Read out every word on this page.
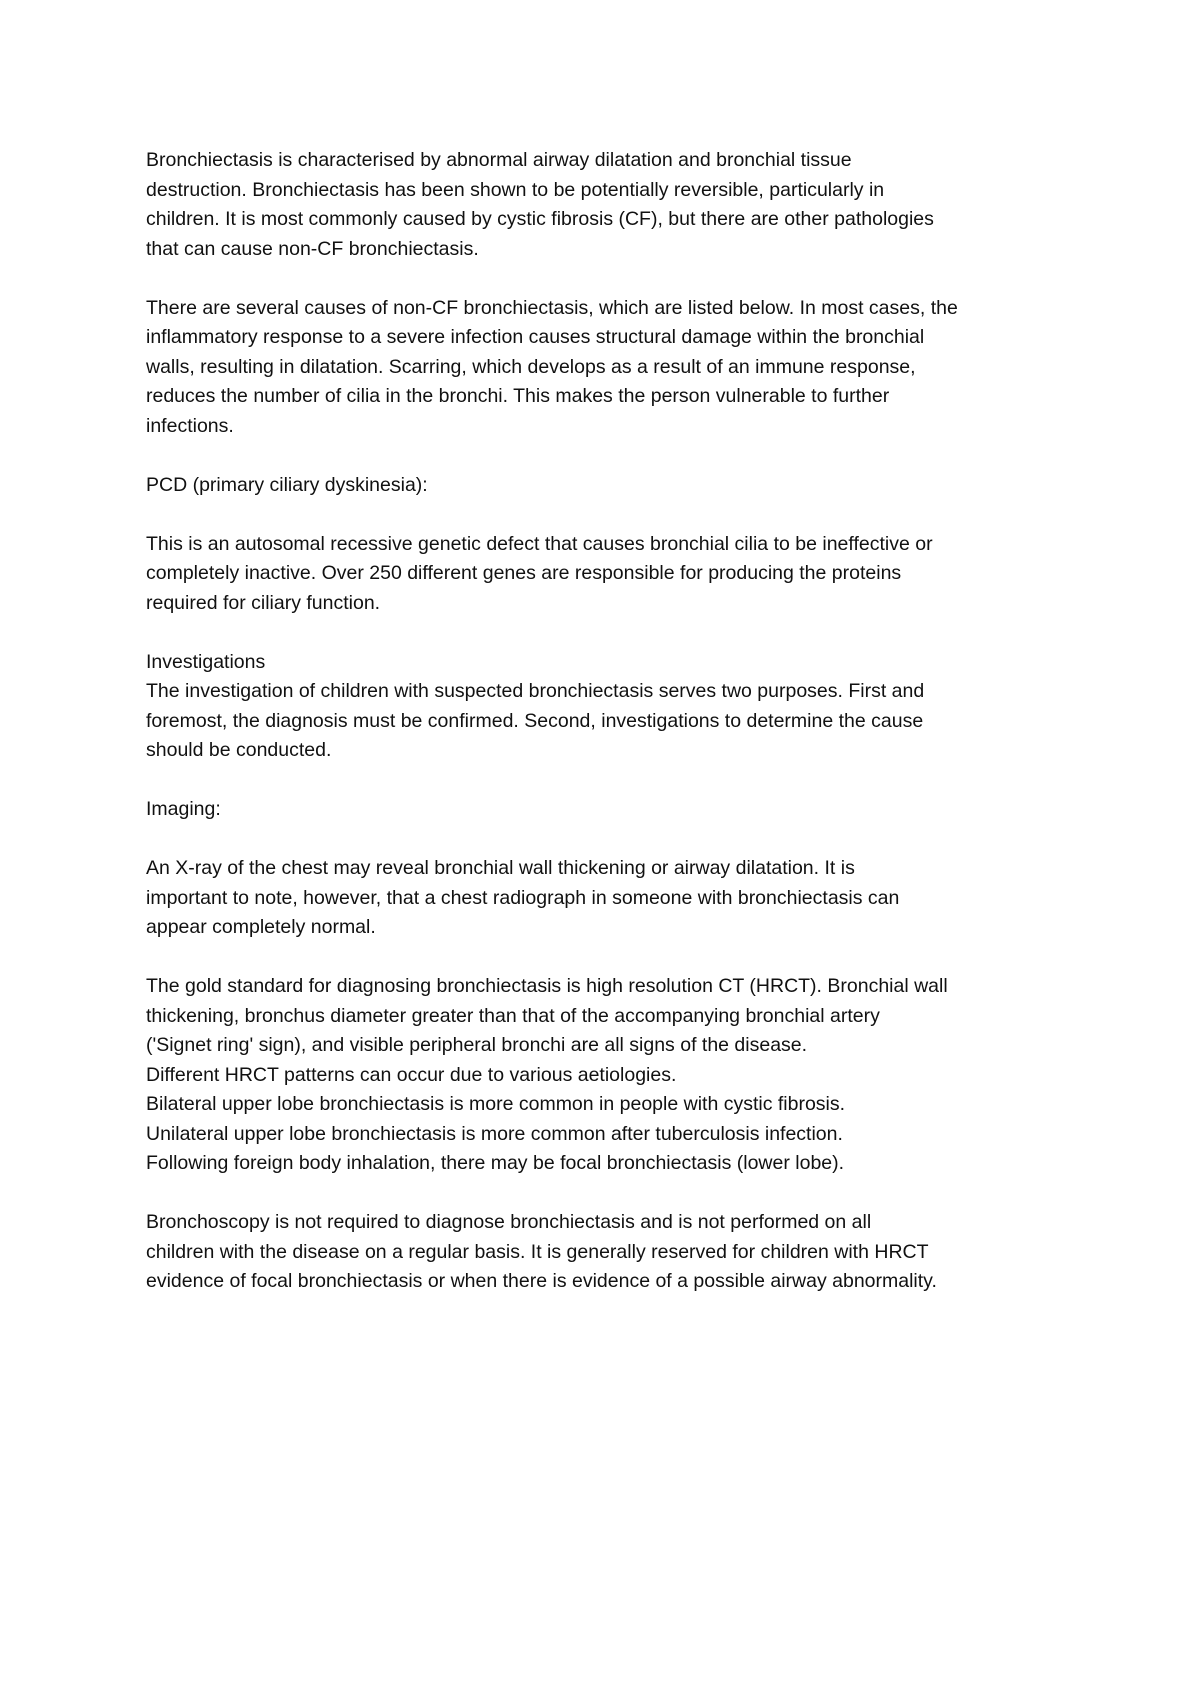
Bronchiectasis is characterised by abnormal airway dilatation and bronchial tissue
destruction. Bronchiectasis has been shown to be potentially reversible, particularly in
children. It is most commonly caused by cystic fibrosis (CF), but there are other pathologies
that can cause non-CF bronchiectasis.
There are several causes of non-CF bronchiectasis, which are listed below. In most cases, the
inflammatory response to a severe infection causes structural damage within the bronchial
walls, resulting in dilatation. Scarring, which develops as a result of an immune response,
reduces the number of cilia in the bronchi. This makes the person vulnerable to further
infections.
PCD (primary ciliary dyskinesia):
This is an autosomal recessive genetic defect that causes bronchial cilia to be ineffective or
completely inactive. Over 250 different genes are responsible for producing the proteins
required for ciliary function.
Investigations
The investigation of children with suspected bronchiectasis serves two purposes. First and
foremost, the diagnosis must be confirmed. Second, investigations to determine the cause
should be conducted.
Imaging:
An X-ray of the chest may reveal bronchial wall thickening or airway dilatation. It is
important to note, however, that a chest radiograph in someone with bronchiectasis can
appear completely normal.
The gold standard for diagnosing bronchiectasis is high resolution CT (HRCT). Bronchial wall
thickening, bronchus diameter greater than that of the accompanying bronchial artery
('Signet ring' sign), and visible peripheral bronchi are all signs of the disease.
Different HRCT patterns can occur due to various aetiologies.
Bilateral upper lobe bronchiectasis is more common in people with cystic fibrosis.
Unilateral upper lobe bronchiectasis is more common after tuberculosis infection.
Following foreign body inhalation, there may be focal bronchiectasis (lower lobe).
Bronchoscopy is not required to diagnose bronchiectasis and is not performed on all
children with the disease on a regular basis. It is generally reserved for children with HRCT
evidence of focal bronchiectasis or when there is evidence of a possible airway abnormality.
